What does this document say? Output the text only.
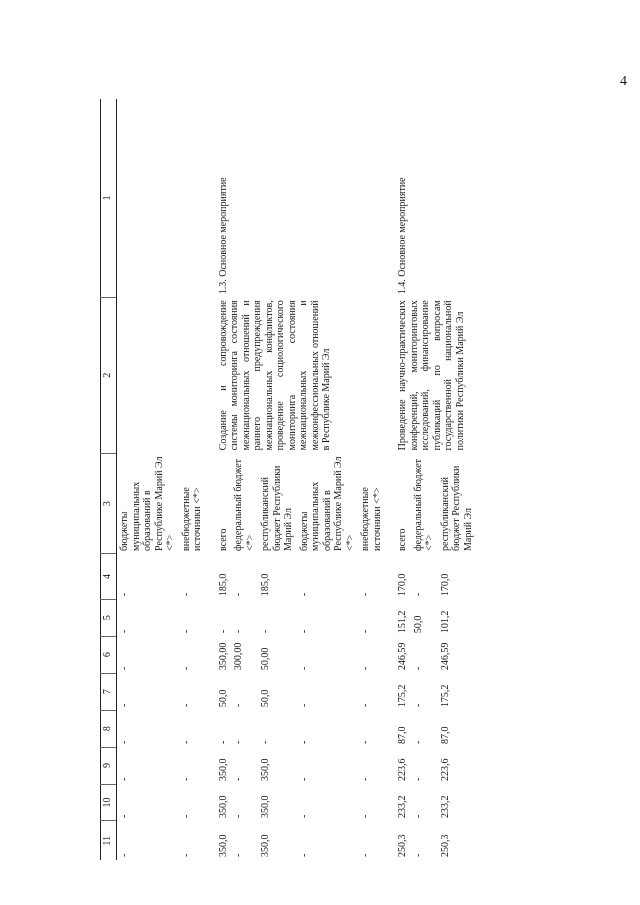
4
11	10	9	8	7	6	5	4	3	2	1
-	-	-	-	-	-	-	-	бюджеты муниципальных образований в Республике Марий Эл <*>		
-	-	-	-	-	-	-	-	внебюджетные источники <*>		

350,0	350,0	350,0	-	50,0	350,00	-	185,0	всего	Создание и сопровождение системы мониторинга состояния межнациональных отношений и раннего предупреждения межнациональных конфликтов, проведение социологического мониторинга состояния межнациональных и межконфессиональных отношений в Республике Марий Эл	1.3. Основное мероприятие
-	-	-	-	-	300,00	-	-	федеральный бюджет <*>		
350,0	350,0	350,0	-	50,0	50,00	-	185,0	республиканский бюджет Республики Марий Эл		
-	-	-	-	-	-	-	-	бюджеты муниципальных образований в Республике Марий Эл <*>		
-	-	-	-	-	-	-	-	внебюджетные источники <*>		

250,3	233,2	223,6	87,0	175,2	246,59	151,2	170,0	всего	Проведение научно-практических конференций, мониторинговых исследований, финансирование публикаций по вопросам государственной национальной политики Республики Марий Эл	1.4. Основное мероприятие
-	-	-	-	-	-	50,0	-	федеральный бюджет <*>		
250,3	233,2	223,6	87,0	175,2	246,59	101,2	170,0	республиканский бюджет Республики Марий Эл		
